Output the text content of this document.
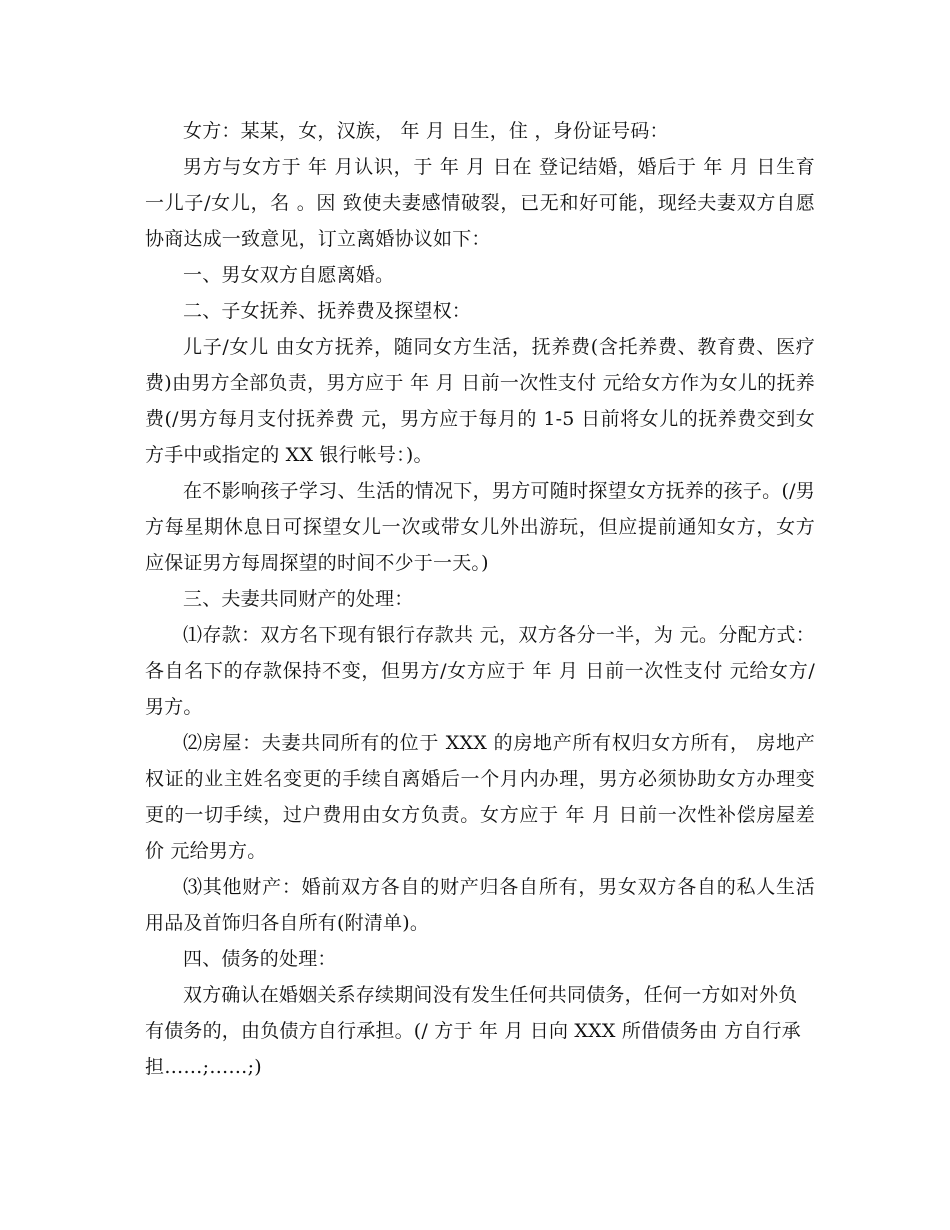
女方：某某，女，汉族， 年 月 日生，住 ，身份证号码：

男方与女方于 年 月认识，于 年 月 日在 登记结婚，婚后于 年 月 日生育一儿子/女儿，名 。因 致使夫妻感情破裂，已无和好可能，现经夫妻双方自愿协商达成一致意见，订立离婚协议如下：

一、男女双方自愿离婚。

二、子女抚养、抚养费及探望权：

儿子/女儿 由女方抚养，随同女方生活，抚养费(含托养费、教育费、医疗费)由男方全部负责，男方应于 年 月 日前一次性支付 元给女方作为女儿的抚养费(/男方每月支付抚养费 元，男方应于每月的 1-5 日前将女儿的抚养费交到女方手中或指定的 XX 银行帐号：)。

在不影响孩子学习、生活的情况下，男方可随时探望女方抚养的孩子。(/男方每星期休息日可探望女儿一次或带女儿外出游玩，但应提前通知女方，女方应保证男方每周探望的时间不少于一天。)

三、夫妻共同财产的处理：

⑴存款：双方名下现有银行存款共 元，双方各分一半，为 元。分配方式：各自名下的存款保持不变，但男方/女方应于 年 月 日前一次性支付 元给女方/男方。

⑵房屋：夫妻共同所有的位于 XXX 的房地产所有权归女方所有， 房地产权证的业主姓名变更的手续自离婚后一个月内办理，男方必须协助女方办理变更的一切手续，过户费用由女方负责。女方应于 年 月 日前一次性补偿房屋差价 元给男方。

⑶其他财产：婚前双方各自的财产归各自所有，男女双方各自的私人生活用品及首饰归各自所有(附清单)。

四、债务的处理：

双方确认在婚姻关系存续期间没有发生任何共同债务，任何一方如对外负有债务的，由负债方自行承担。(/ 方于 年 月 日向 XXX 所借债务由 方自行承担……;……;)
